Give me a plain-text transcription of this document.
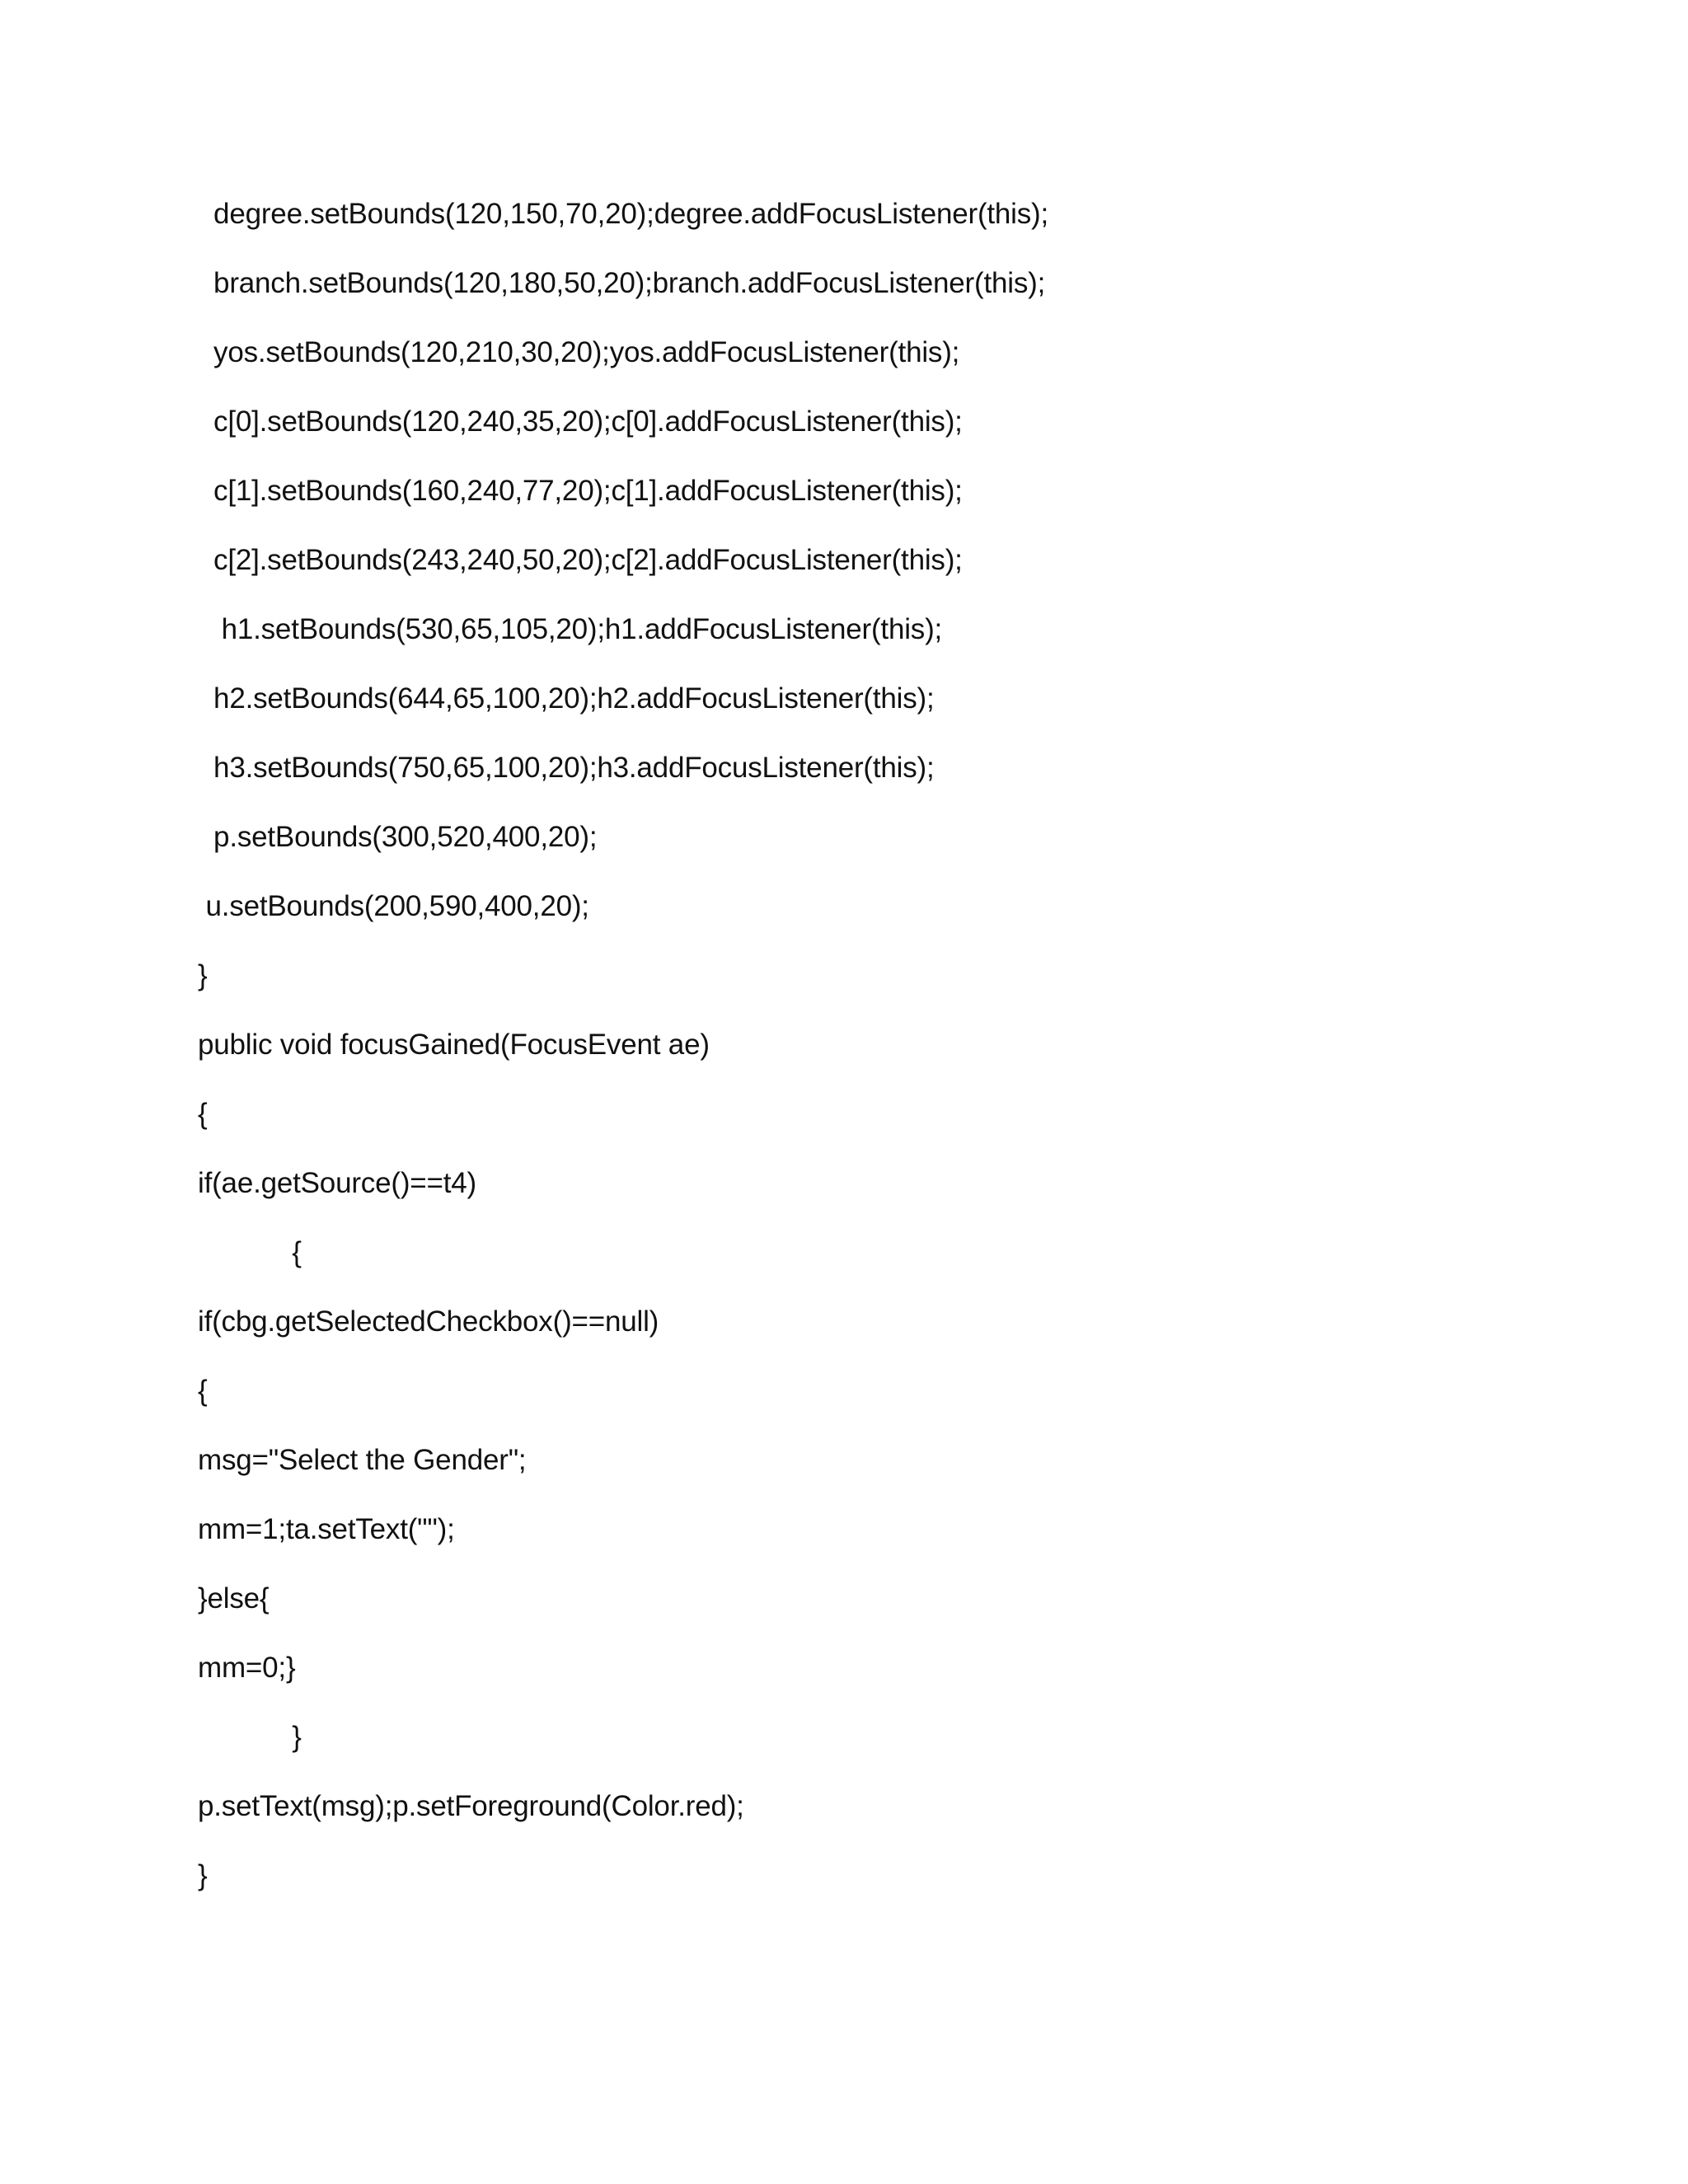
degree.setBounds(120,150,70,20);degree.addFocusListener(this);
branch.setBounds(120,180,50,20);branch.addFocusListener(this);
yos.setBounds(120,210,30,20);yos.addFocusListener(this);
c[0].setBounds(120,240,35,20);c[0].addFocusListener(this);
c[1].setBounds(160,240,77,20);c[1].addFocusListener(this);
c[2].setBounds(243,240,50,20);c[2].addFocusListener(this);
h1.setBounds(530,65,105,20);h1.addFocusListener(this);
h2.setBounds(644,65,100,20);h2.addFocusListener(this);
h3.setBounds(750,65,100,20);h3.addFocusListener(this);
p.setBounds(300,520,400,20);
u.setBounds(200,590,400,20);
}
public void focusGained(FocusEvent ae)
{
if(ae.getSource()==t4)
{
if(cbg.getSelectedCheckbox()==null)
{
msg="Select the Gender";
mm=1;ta.setText("");
}else{
mm=0;}
}
p.setText(msg);p.setForeground(Color.red);
}
